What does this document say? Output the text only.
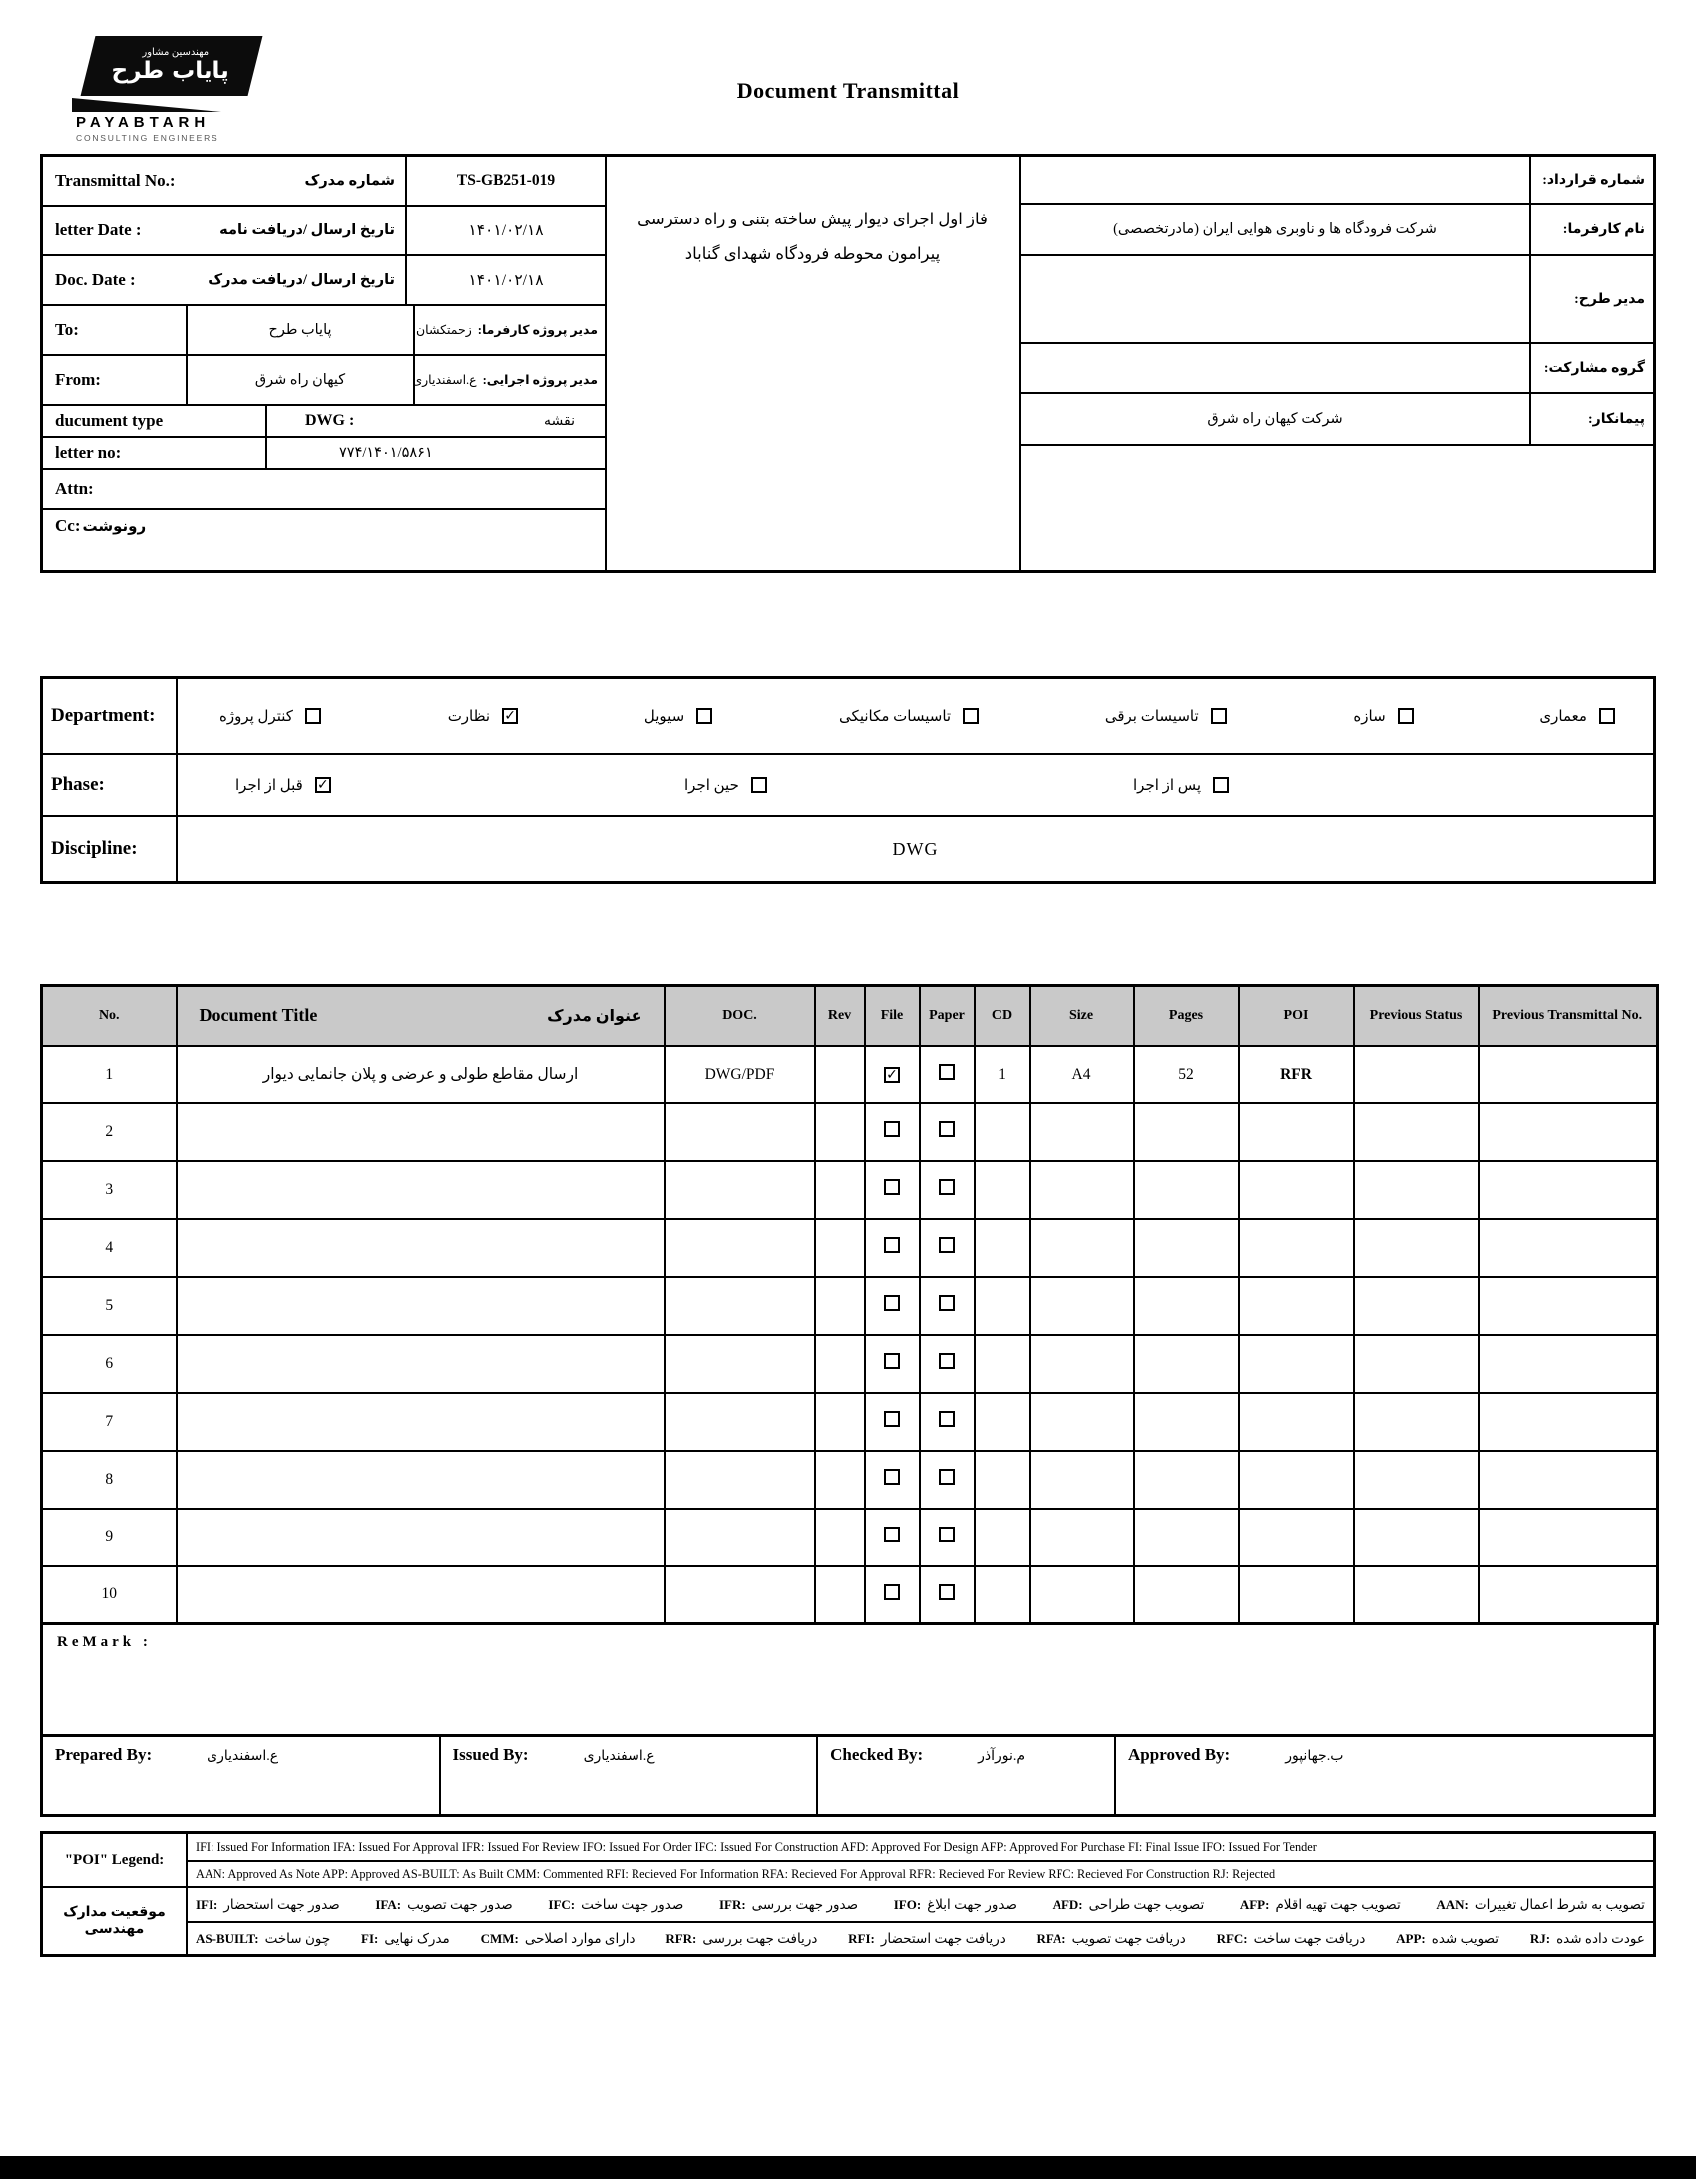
مهندسین مشاور
پایاب طرح
PAYABTARH
CONSULTING ENGINEERS
Document Transmittal
Transmittal No.:	شماره مدرک	TS-GB251-019
letter Date :	تاریخ ارسال /دریافت نامه	۱۴۰۱/۰۲/۱۸
Doc. Date :	تاریخ ارسال /دریافت مدرک	۱۴۰۱/۰۲/۱۸
To:	پایاب طرح	مدیر پروژه کارفرما:
زحمتکشان
From:	کیهان راه شرق	مدیر پروژه اجرایی:
ع.اسفندیاری
ducument type	DWG :	نقشه
letter no:	۷۷۴/۱۴۰۱/۵۸۶۱
Attn:
Cc: رونوشت
فاز اول اجرای دیوار پیش ساخته بتنی و راه دسترسی
پیرامون محوطه فرودگاه شهدای گناباد
شماره قرارداد:
شرکت فرودگاه ها و ناوبری هوایی ایران (مادرتخصصی)	نام کارفرما:
مدیر طرح:
گروه مشارکت:
شرکت کیهان راه شرق	پیمانکار:
Department:	کنترل پروژه	نظارت ✓	سیویل	تاسیسات مکانیکی	تاسیسات برقی	سازه	معماری
Phase:	قبل از اجرا ✓	حین اجرا	پس از اجرا
Discipline:	DWG
No.	Document Title عنوان مدرک	DOC.	Rev	File	Paper	CD	Size	Pages	POI	Previous Status	Previous Transmittal No.
1	ارسال مقاطع طولی و عرضی و پلان جانمایی دیوار	DWG/PDF		✓		1	A4	52	RFR		
2											
3											
4											
5											
6											
7											
8											
9											
10											
ReMark :
Prepared By:	ع.اسفندیاری	Issued By:	ع.اسفندیاری	Checked By:	م.نورآذر	Approved By:	ب.جهانپور
"POI" Legend:
IFI: Issued For Information IFA: Issued For Approval IFR: Issued For Review IFO: Issued For Order IFC: Issued For Construction AFD: Approved For Design AFP: Approved For Purchase FI: Final Issue IFO: Issued For Tender
AAN: Approved As Note APP: Approved AS-BUILT: As Built CMM: Commented RFI: Recieved For Information RFA: Recieved For Approval RFR: Recieved For Review RFC: Recieved For Construction RJ: Rejected
موقعیت مدارک مهندسی
IFI: صدور جهت استحضار	IFA: صدور جهت تصویب	IFC: صدور جهت ساخت	IFR: صدور جهت بررسی	IFO: صدور جهت ابلاغ	AFD: تصویب جهت طراحی	AFP: تصویب جهت تهیه اقلام	AAN: تصویب به شرط اعمال تغییرات
AS-BUILT: چون ساخت FI: مدرک نهایی CMM: دارای موارد اصلاحی RFR: دریافت جهت بررسی RFI: دریافت جهت استحضار RFA: دریافت جهت تصویب RFC: دریافت جهت ساخت APP: تصویب شده RJ: عودت داده شده
